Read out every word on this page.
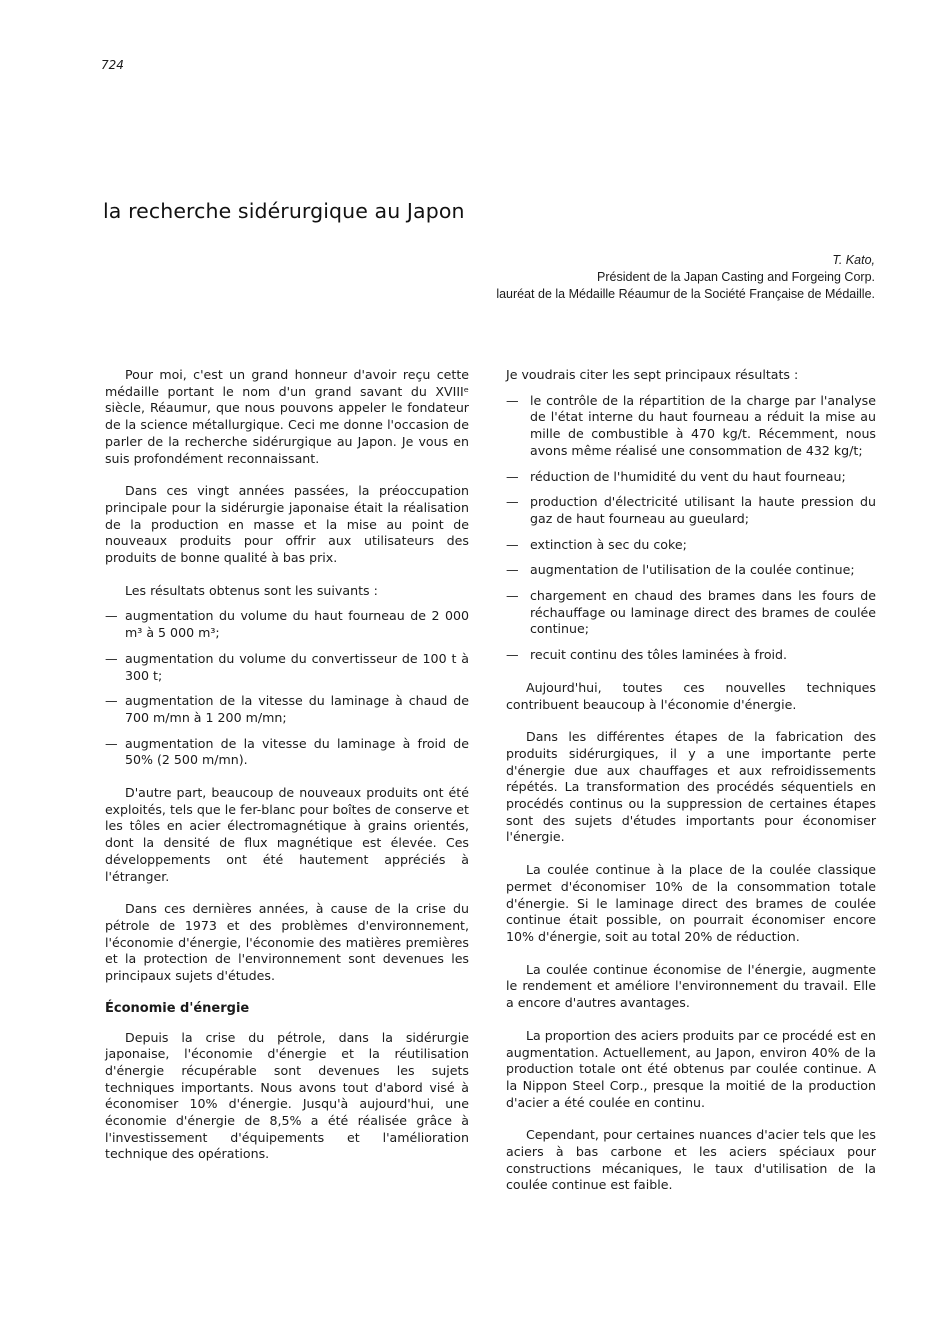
724
la recherche sidérurgique au Japon
T. Kato,
Président de la Japan Casting and Forgeing Corp.
lauréat de la Médaille Réaumur de la Société Française de Médaille.

Pour moi, c'est un grand honneur d'avoir reçu cette médaille portant le nom d'un grand savant du XVIIIᵉ siècle, Réaumur, que nous pouvons appeler le fondateur de la science métallurgique. Ceci me donne l'occasion de parler de la recherche sidérurgique au Japon. Je vous en suis profondément reconnaissant.

Dans ces vingt années passées, la préoccupation principale pour la sidérurgie japonaise était la réalisation de la production en masse et la mise au point de nouveaux produits pour offrir aux utilisateurs des produits de bonne qualité à bas prix.

Les résultats obtenus sont les suivants :

— augmentation du volume du haut fourneau de 2 000 m³ à 5 000 m³;
— augmentation du volume du convertisseur de 100 t à 300 t;
— augmentation de la vitesse du laminage à chaud de 700 m/mn à 1 200 m/mn;
— augmentation de la vitesse du laminage à froid de 50% (2 500 m/mn).

D'autre part, beaucoup de nouveaux produits ont été exploités, tels que le fer-blanc pour boîtes de conserve et les tôles en acier électromagnétique à grains orientés, dont la densité de flux magnétique est élevée. Ces développements ont été hautement appréciés à l'étranger.

Dans ces dernières années, à cause de la crise du pétrole de 1973 et des problèmes d'environnement, l'économie d'énergie, l'économie des matières premières et la protection de l'environnement sont devenues les principaux sujets d'études.

Économie d'énergie

Depuis la crise du pétrole, dans la sidérurgie japonaise, l'économie d'énergie et la réutilisation d'énergie récupérable sont devenues les sujets techniques importants. Nous avons tout d'abord visé à économiser 10% d'énergie. Jusqu'à aujourd'hui, une économie d'énergie de 8,5% a été réalisée grâce à l'investissement d'équipements et l'amélioration technique des opérations.

Je voudrais citer les sept principaux résultats :

— le contrôle de la répartition de la charge par l'analyse de l'état interne du haut fourneau a réduit la mise au mille de combustible à 470 kg/t. Récemment, nous avons même réalisé une consommation de 432 kg/t;
— réduction de l'humidité du vent du haut fourneau;
— production d'électricité utilisant la haute pression du gaz de haut fourneau au gueulard;
— extinction à sec du coke;
— augmentation de l'utilisation de la coulée continue;
— chargement en chaud des brames dans les fours de réchauffage ou laminage direct des brames de coulée continue;
— recuit continu des tôles laminées à froid.

Aujourd'hui, toutes ces nouvelles techniques contribuent beaucoup à l'économie d'énergie.

Dans les différentes étapes de la fabrication des produits sidérurgiques, il y a une importante perte d'énergie due aux chauffages et aux refroidissements répétés. La transformation des procédés séquentiels en procédés continus ou la suppression de certaines étapes sont des sujets d'études importants pour économiser l'énergie.

La coulée continue à la place de la coulée classique permet d'économiser 10% de la consommation totale d'énergie. Si le laminage direct des brames de coulée continue était possible, on pourrait économiser encore 10% d'énergie, soit au total 20% de réduction.

La coulée continue économise de l'énergie, augmente le rendement et améliore l'environnement du travail. Elle a encore d'autres avantages.

La proportion des aciers produits par ce procédé est en augmentation. Actuellement, au Japon, environ 40% de la production totale ont été obtenus par coulée continue. A la Nippon Steel Corp., presque la moitié de la production d'acier a été coulée en continu.

Cependant, pour certaines nuances d'acier tels que les aciers à bas carbone et les aciers spéciaux pour constructions mécaniques, le taux d'utilisation de la coulée continue est faible.
